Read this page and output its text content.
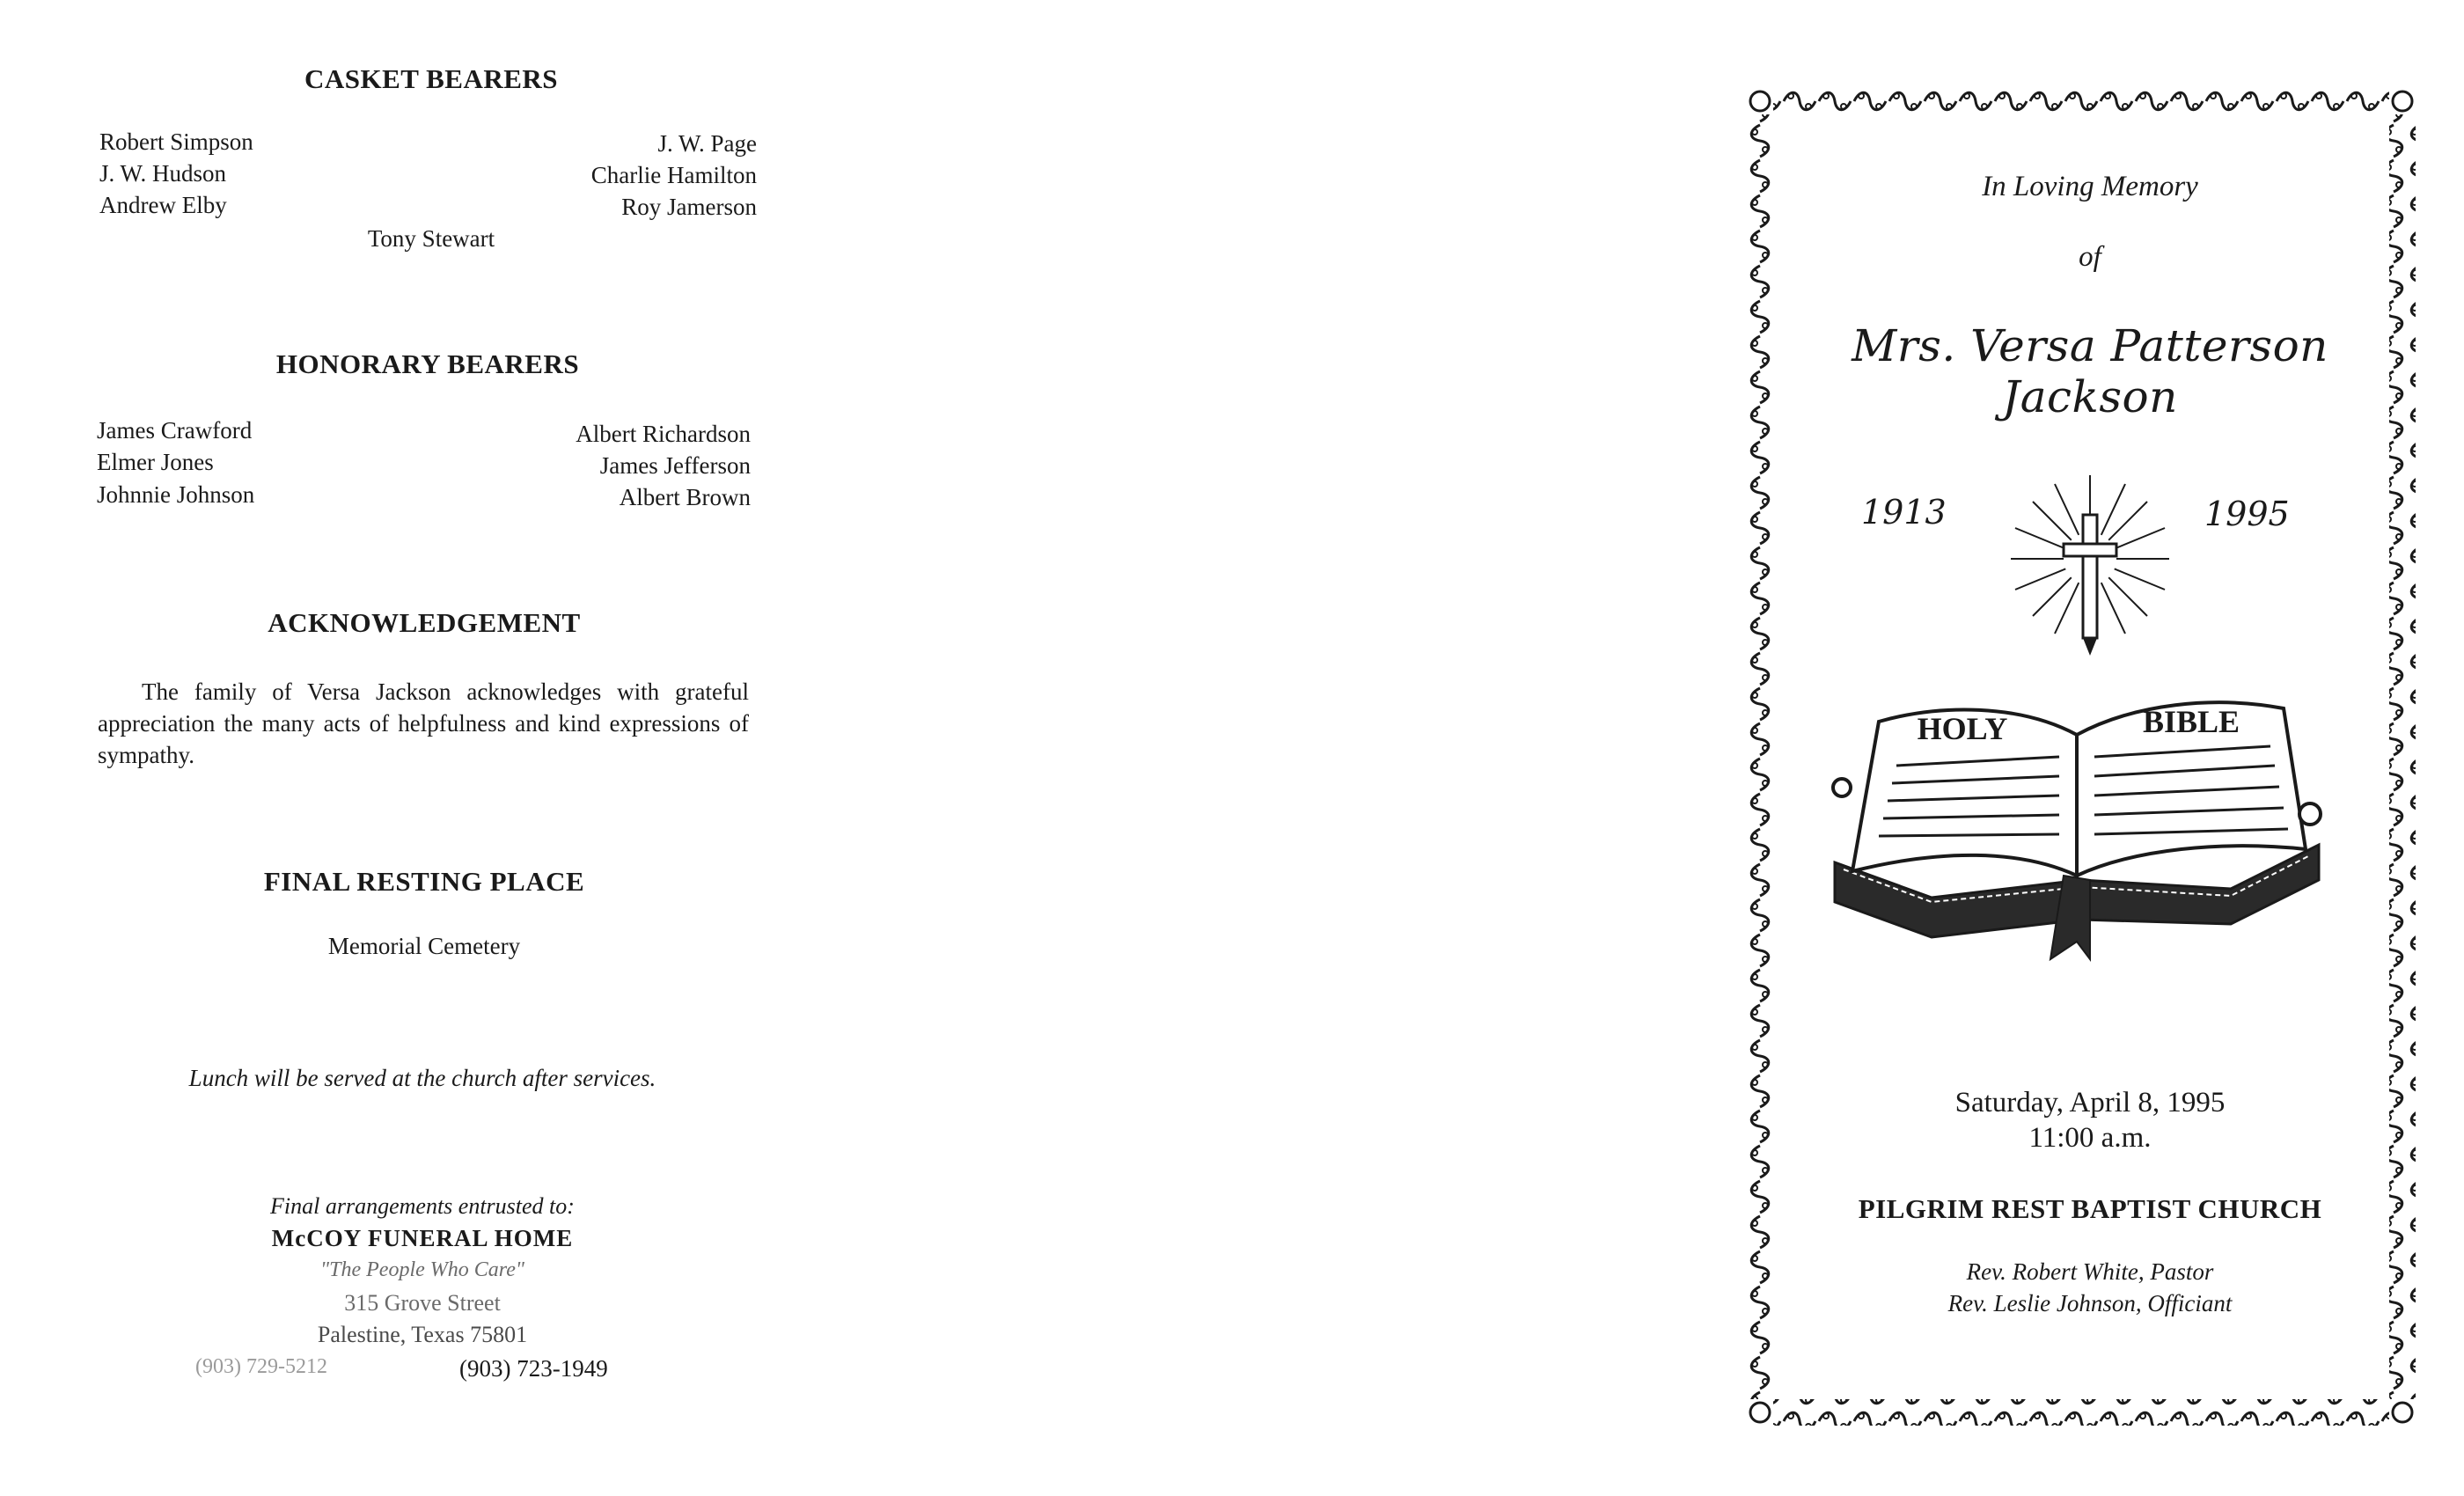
CASKET BEARERS
Robert Simpson
J. W. Hudson
Andrew Elby
J. W. Page
Charlie Hamilton
Roy Jamerson
Tony Stewart
HONORARY BEARERS
James Crawford
Elmer Jones
Johnnie Johnson
Albert Richardson
James Jefferson
Albert Brown
ACKNOWLEDGEMENT
The family of Versa Jackson acknowledges with grateful appreciation the many acts of helpfulness and kind expressions of sympathy.
FINAL RESTING PLACE
Memorial Cemetery
Lunch will be served at the church after services.
Final arrangements entrusted to:
McCOY FUNERAL HOME
"The People Who Care"
315 Grove Street
Palestine, Texas 75801
(903) 729-5212	(903) 723-1949
In Loving Memory
of
Mrs. Versa Patterson Jackson
1913	1995
HOLY	BIBLE
Saturday, April 8, 1995
11:00 a.m.
PILGRIM REST BAPTIST CHURCH
Rev. Robert White, Pastor
Rev. Leslie Johnson, Officiant
